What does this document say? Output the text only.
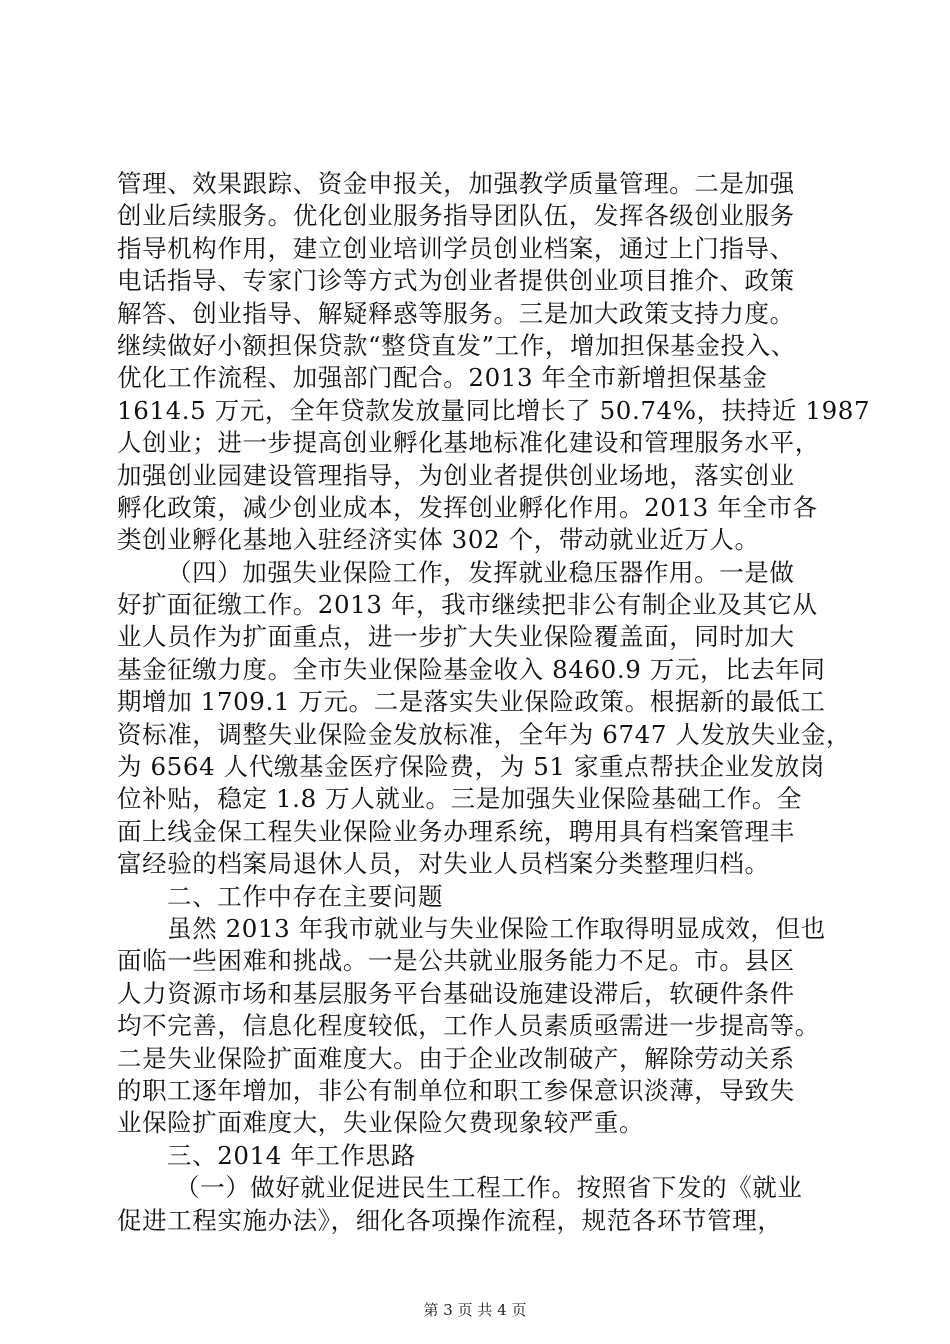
管理、效果跟踪、资金申报关，加强教学质量管理。二是加强
创业后续服务。优化创业服务指导团队伍，发挥各级创业服务
指导机构作用，建立创业培训学员创业档案，通过上门指导、
电话指导、专家门诊等方式为创业者提供创业项目推介、政策
解答、创业指导、解疑释惑等服务。三是加大政策支持力度。
继续做好小额担保贷款“整贷直发”工作，增加担保基金投入、
优化工作流程、加强部门配合。2013 年全市新增担保基金
1614.5 万元，全年贷款发放量同比增长了 50.74%，扶持近 1987
人创业；进一步提高创业孵化基地标准化建设和管理服务水平，
加强创业园建设管理指导，为创业者提供创业场地，落实创业
孵化政策，减少创业成本，发挥创业孵化作用。2013 年全市各
类创业孵化基地入驻经济实体 302 个，带动就业近万人。
（四）加强失业保险工作，发挥就业稳压器作用。一是做
好扩面征缴工作。2013 年，我市继续把非公有制企业及其它从
业人员作为扩面重点，进一步扩大失业保险覆盖面，同时加大
基金征缴力度。全市失业保险基金收入 8460.9 万元，比去年同
期增加 1709.1 万元。二是落实失业保险政策。根据新的最低工
资标准，调整失业保险金发放标准，全年为 6747 人发放失业金，
为 6564 人代缴基金医疗保险费，为 51 家重点帮扶企业发放岗
位补贴，稳定 1.8 万人就业。三是加强失业保险基础工作。全
面上线金保工程失业保险业务办理系统，聘用具有档案管理丰
富经验的档案局退休人员，对失业人员档案分类整理归档。
二、工作中存在主要问题
虽然 2013 年我市就业与失业保险工作取得明显成效，但也
面临一些困难和挑战。一是公共就业服务能力不足。市。县区
人力资源市场和基层服务平台基础设施建设滞后，软硬件条件
均不完善，信息化程度较低，工作人员素质亟需进一步提高等。
二是失业保险扩面难度大。由于企业改制破产，解除劳动关系
的职工逐年增加，非公有制单位和职工参保意识淡薄，导致失
业保险扩面难度大，失业保险欠费现象较严重。
三、2014 年工作思路
（一）做好就业促进民生工程工作。按照省下发的《就业
促进工程实施办法》，细化各项操作流程，规范各环节管理，
第 3 页 共 4 页
